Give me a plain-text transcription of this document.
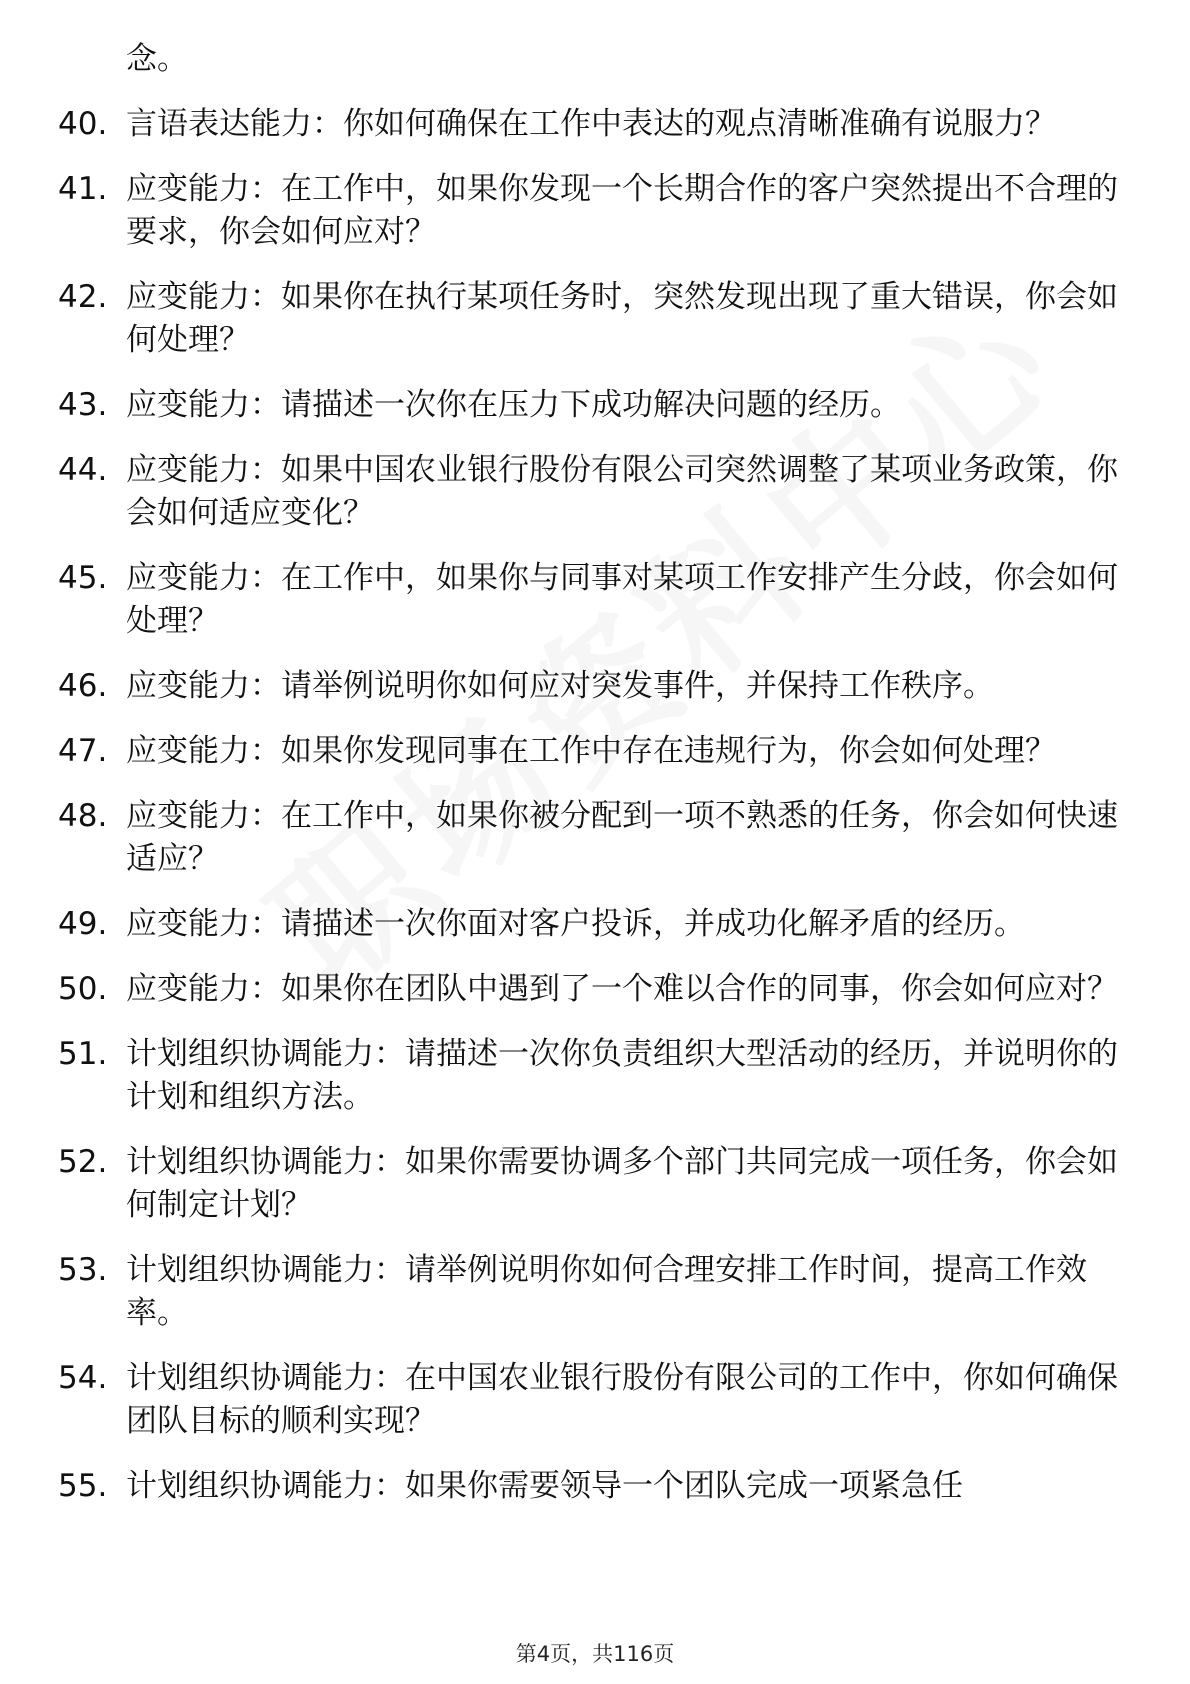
念。
40. 言语表达能力：你如何确保在工作中表达的观点清晰准确有说服力？
41. 应变能力：在工作中，如果你发现一个长期合作的客户突然提出不合理的要求，你会如何应对？
42. 应变能力：如果你在执行某项任务时，突然发现出现了重大错误，你会如何处理？
43. 应变能力：请描述一次你在压力下成功解决问题的经历。
44. 应变能力：如果中国农业银行股份有限公司突然调整了某项业务政策，你会如何适应变化？
45. 应变能力：在工作中，如果你与同事对某项工作安排产生分歧，你会如何处理？
46. 应变能力：请举例说明你如何应对突发事件，并保持工作秩序。
47. 应变能力：如果你发现同事在工作中存在违规行为，你会如何处理？
48. 应变能力：在工作中，如果你被分配到一项不熟悉的任务，你会如何快速适应？
49. 应变能力：请描述一次你面对客户投诉，并成功化解矛盾的经历。
50. 应变能力：如果你在团队中遇到了一个难以合作的同事，你会如何应对？
51. 计划组织协调能力：请描述一次你负责组织大型活动的经历，并说明你的计划和组织方法。
52. 计划组织协调能力：如果你需要协调多个部门共同完成一项任务，你会如何制定计划？
53. 计划组织协调能力：请举例说明你如何合理安排工作时间，提高工作效率。
54. 计划组织协调能力：在中国农业银行股份有限公司的工作中，你如何确保团队目标的顺利实现？
55. 计划组织协调能力：如果你需要领导一个团队完成一项紧急任
第4页，共116页
